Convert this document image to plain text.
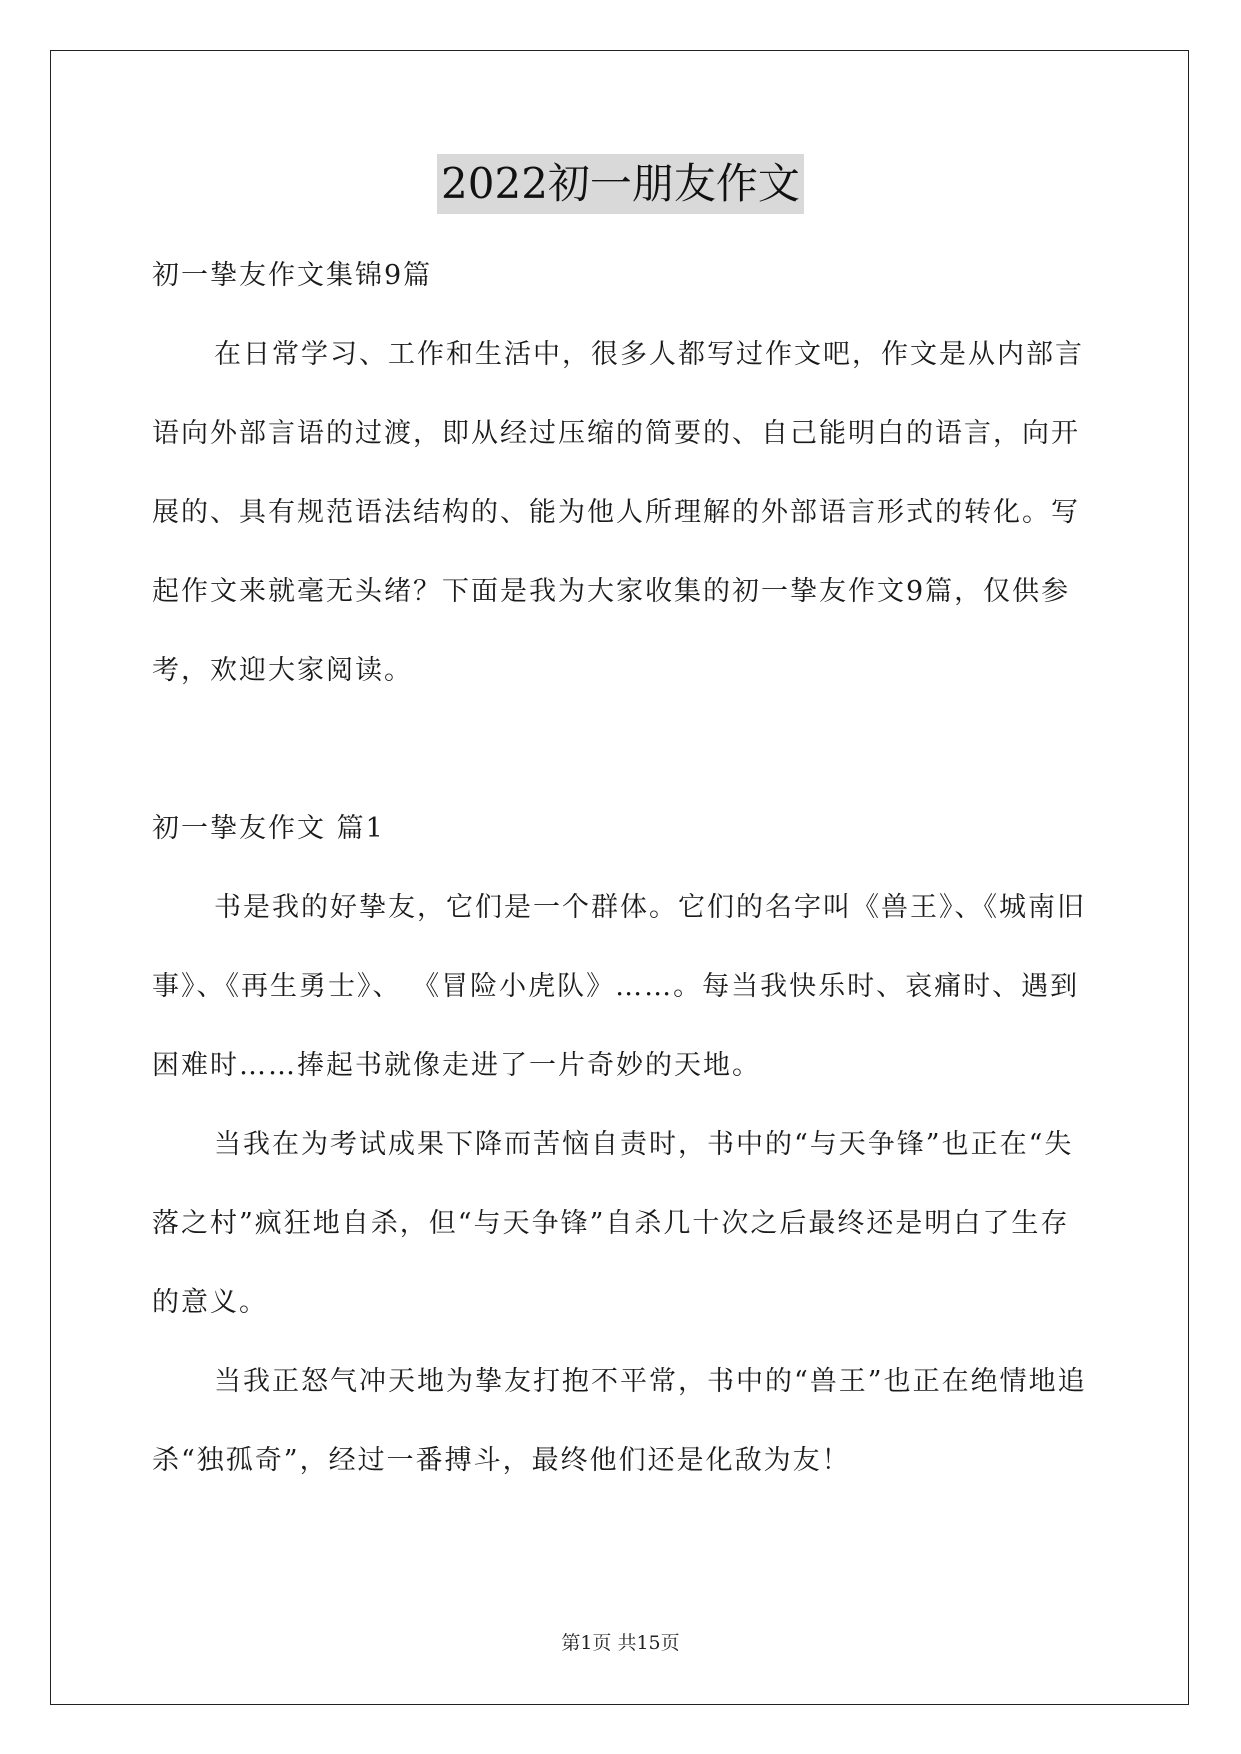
2022初一朋友作文

初一挚友作文集锦9篇

在日常学习、工作和生活中，很多人都写过作文吧，作文是从内部言语向外部言语的过渡，即从经过压缩的简要的、自己能明白的语言，向开展的、具有规范语法结构的、能为他人所理解的外部语言形式的转化。写起作文来就毫无头绪？下面是我为大家收集的初一挚友作文9篇，仅供参考，欢迎大家阅读。

初一挚友作文 篇1

书是我的好挚友，它们是一个群体。它们的名字叫《兽王》、《城南旧事》、《再生勇士》、 《冒险小虎队》……。每当我快乐时、哀痛时、遇到困难时……捧起书就像走进了一片奇妙的天地。

当我在为考试成果下降而苦恼自责时，书中的“与天争锋”也正在“失落之村”疯狂地自杀，但“与天争锋”自杀几十次之后最终还是明白了生存的意义。

当我正怒气冲天地为挚友打抱不平常，书中的“兽王”也正在绝情地追杀“独孤奇”，经过一番搏斗，最终他们还是化敌为友！

第1页 共15页
